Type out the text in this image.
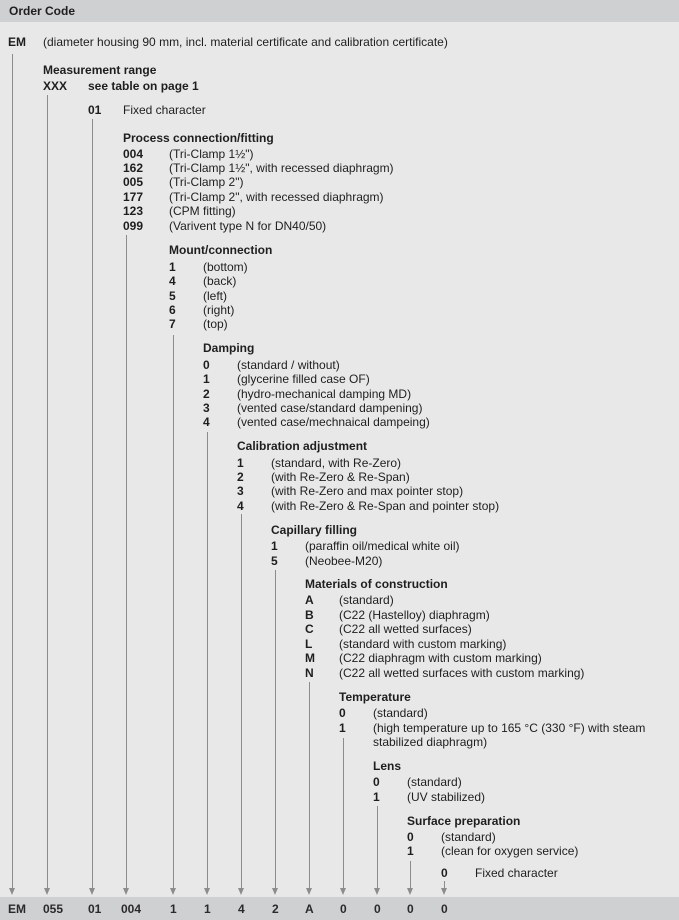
Order Code
EM (diameter housing 90 mm, incl. material certificate and calibration certificate)
Measurement range
XXX see table on page 1
01 Fixed character
Process connection/fitting
004 (Tri-Clamp 1½")
162 (Tri-Clamp 1½", with recessed diaphragm)
005 (Tri-Clamp 2")
177 (Tri-Clamp 2", with recessed diaphragm)
123 (CPM fitting)
099 (Varivent type N for DN40/50)
Mount/connection
1 (bottom)
4 (back)
5 (left)
6 (right)
7 (top)
Damping
0 (standard / without)
1 (glycerine filled case OF)
2 (hydro-mechanical damping MD)
3 (vented case/standard dampening)
4 (vented case/mechnaical dampeing)
Calibration adjustment
1 (standard, with Re-Zero)
2 (with Re-Zero & Re-Span)
3 (with Re-Zero and max pointer stop)
4 (with Re-Zero & Re-Span and pointer stop)
Capillary filling
1 (paraffin oil/medical white oil)
5 (Neobee-M20)
Materials of construction
A (standard)
B (C22 (Hastelloy) diaphragm)
C (C22 all wetted surfaces)
L (standard with custom marking)
M (C22 diaphragm with custom marking)
N (C22 all wetted surfaces with custom marking)
Temperature
0 (standard)
1 (high temperature up to 165 °C (330 °F) with steam
stabilized diaphragm)
Lens
0 (standard)
1 (UV stabilized)
Surface preparation
0 (standard)
1 (clean for oxygen service)
0 Fixed character
EM 055 01 004 1 1 4 2 A 0 0 0 0
